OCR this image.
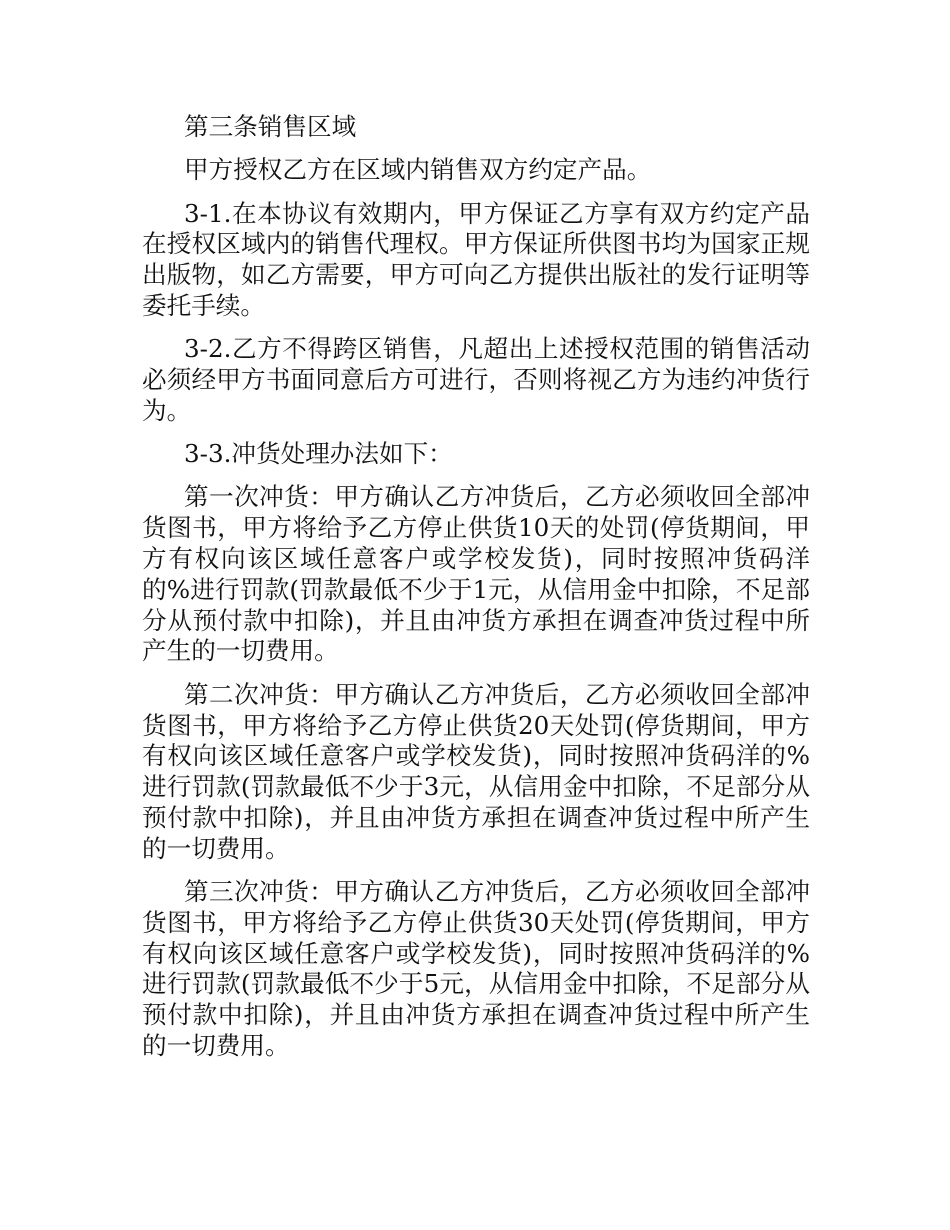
第三条销售区域

甲方授权乙方在区域内销售双方约定产品。

3-1.在本协议有效期内，甲方保证乙方享有双方约定产品在授权区域内的销售代理权。甲方保证所供图书均为国家正规出版物，如乙方需要，甲方可向乙方提供出版社的发行证明等委托手续。

3-2.乙方不得跨区销售，凡超出上述授权范围的销售活动必须经甲方书面同意后方可进行，否则将视乙方为违约冲货行为。

3-3.冲货处理办法如下：

第一次冲货：甲方确认乙方冲货后，乙方必须收回全部冲货图书，甲方将给予乙方停止供货10天的处罚(停货期间，甲方有权向该区域任意客户或学校发货)，同时按照冲货码洋的%进行罚款(罚款最低不少于1元，从信用金中扣除，不足部分从预付款中扣除)，并且由冲货方承担在调查冲货过程中所产生的一切费用。

第二次冲货：甲方确认乙方冲货后，乙方必须收回全部冲货图书，甲方将给予乙方停止供货20天处罚(停货期间，甲方有权向该区域任意客户或学校发货)，同时按照冲货码洋的%进行罚款(罚款最低不少于3元，从信用金中扣除，不足部分从预付款中扣除)，并且由冲货方承担在调查冲货过程中所产生的一切费用。

第三次冲货：甲方确认乙方冲货后，乙方必须收回全部冲货图书，甲方将给予乙方停止供货30天处罚(停货期间，甲方有权向该区域任意客户或学校发货)，同时按照冲货码洋的%进行罚款(罚款最低不少于5元，从信用金中扣除，不足部分从预付款中扣除)，并且由冲货方承担在调查冲货过程中所产生的一切费用。
